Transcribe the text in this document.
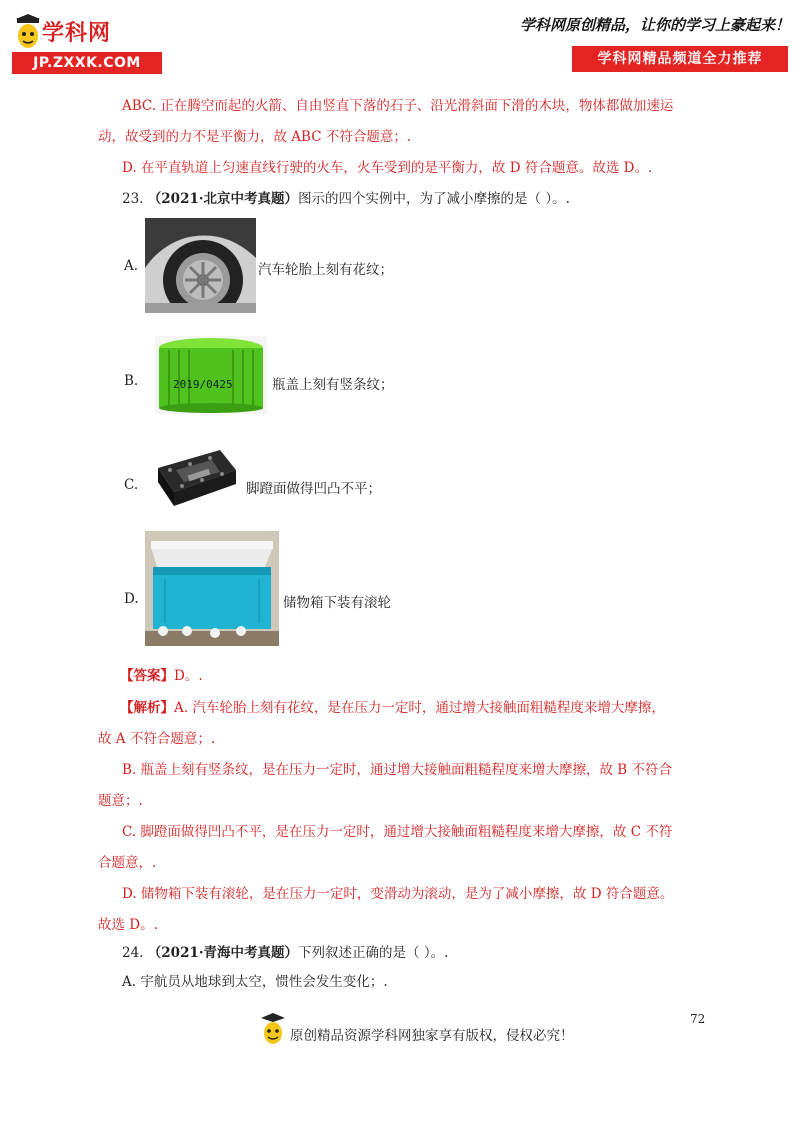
学科网
JP.ZXXK.COM
学科网原创精品，让你的学习上豪起来！
学科网精品频道全力推荐
ABC. 正在腾空而起的火箭、自由竖直下落的石子、沿光滑斜面下滑的木块，物体都做加速运
动，故受到的力不是平衡力，故 ABC 不符合题意；.
D. 在平直轨道上匀速直线行驶的火车，火车受到的是平衡力，故 D 符合题意。故选 D。.
23. （2021·北京中考真题）图示的四个实例中，为了减小摩擦的是（ ）。.
A.	汽车轮胎上刻有花纹；
B.	2019/0425	瓶盖上刻有竖条纹；
C.	脚蹬面做得凹凸不平；
D.	储物箱下装有滚轮
【答案】D。.
【解析】A. 汽车轮胎上刻有花纹，是在压力一定时，通过增大接触面粗糙程度来增大摩擦，
故 A 不符合题意；.
B. 瓶盖上刻有竖条纹，是在压力一定时，通过增大接触面粗糙程度来增大摩擦，故 B 不符合
题意；.
C. 脚蹬面做得凹凸不平，是在压力一定时，通过增大接触面粗糙程度来增大摩擦，故 C 不符
合题意，.
D. 储物箱下装有滚轮，是在压力一定时，变滑动为滚动，是为了减小摩擦，故 D 符合题意。
故选 D。.
24. （2021·青海中考真题）下列叙述正确的是（ ）。.
A. 宇航员从地球到太空，惯性会发生变化；.
72
原创精品资源学科网独家享有版权，侵权必究！
